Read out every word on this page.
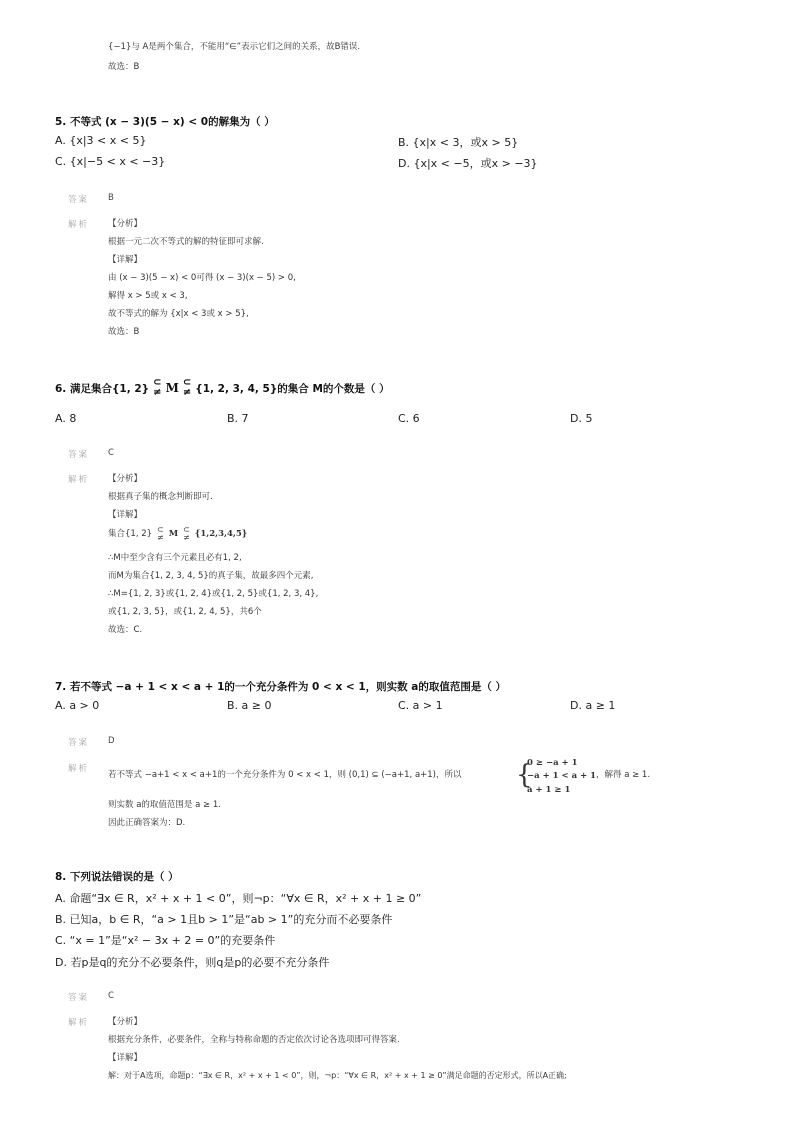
{−1}与 A是两个集合，不能用“∈”表示它们之间的关系，故B错误.
故选：B
5. 不等式 (x − 3)(5 − x) < 0的解集为（ ）
A. {x|3 < x < 5}	B. {x|x < 3，或x > 5}
C. {x|−5 < x < −3}	D. {x|x < −5，或x > −3}
答案 B
解析 【分析】
根据一元二次不等式的解的特征即可求解.
【详解】
由 (x − 3)(5 − x) < 0可得 (x − 3)(x − 5) > 0,
解得 x > 5或 x < 3,
故不等式的解为 {x|x < 3或 x > 5},
故选：B
6. 满足集合{1, 2} ⊂
≠ M ⊂
≠ {1, 2, 3, 4, 5}的集合 M的个数是（ ）
A. 8	B. 7	C. 6	D. 5
答案 C
解析 【分析】
根据真子集的概念判断即可.
【详解】
集合{1, 2} ⊂
≠ M ⊂
≠ {1,2,3,4,5}
∴M中至少含有三个元素且必有1, 2,
而M为集合{1, 2, 3, 4, 5}的真子集，故最多四个元素,
∴M={1, 2, 3}或{1, 2, 4}或{1, 2, 5}或{1, 2, 3, 4},
或{1, 2, 3, 5}，或{1, 2, 4, 5}，共6个
故选：C.
7. 若不等式 −a + 1 < x < a + 1的一个充分条件为 0 < x < 1，则实数 a的取值范围是（ ）
A. a > 0	B. a ≥ 0	C. a > 1	D. a ≥ 1
答案 D
解析
若不等式 −a+1 < x < a+1的一个充分条件为 0 < x < 1，则 (0,1) ⊆ (−a+1, a+1)，所以 {
0 ≥ −a + 1
−a + 1 < a + 1
a + 1 ≥ 1
，解得 a ≥ 1.
则实数 a的取值范围是 a ≥ 1.
因此正确答案为：D.
8. 下列说法错误的是（ ）
A. 命题“∃x ∈ R，x² + x + 1 < 0”，则¬p：“∀x ∈ R，x² + x + 1 ≥ 0”
B. 已知a，b ∈ R，“a > 1且b > 1”是“ab > 1”的充分而不必要条件
C. “x = 1”是“x² − 3x + 2 = 0”的充要条件
D. 若p是q的充分不必要条件，则q是p的必要不充分条件
答案 C
解析 【分析】
根据充分条件，必要条件，全称与特称命题的否定依次讨论各选项即可得答案.
【详解】
解：对于A选项，命题p：“∃x ∈ R，x² + x + 1 < 0”，则，¬p：“∀x ∈ R，x² + x + 1 ≥ 0”满足命题的否定形式，所以A正确;
